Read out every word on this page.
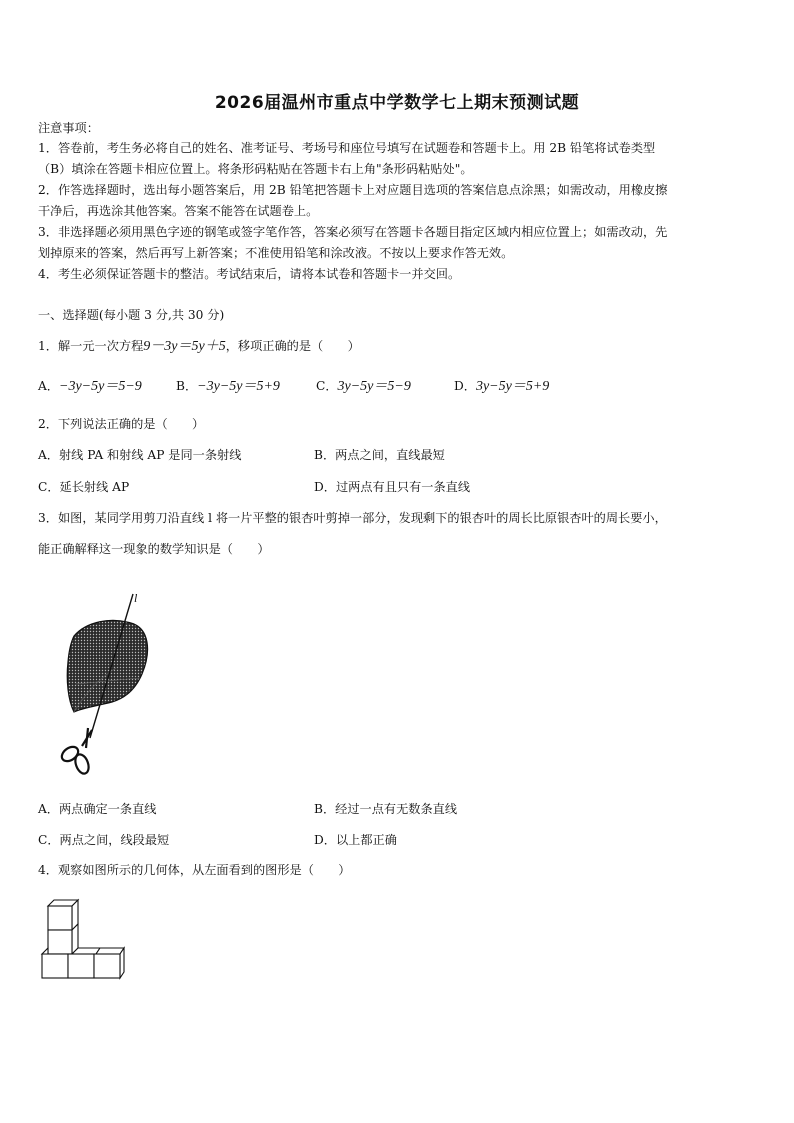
2026届温州市重点中学数学七上期末预测试题
注意事项：
1．答卷前，考生务必将自己的姓名、准考证号、考场号和座位号填写在试题卷和答题卡上。用 2B 铅笔将试卷类型
（B）填涂在答题卡相应位置上。将条形码粘贴在答题卡右上角"条形码粘贴处"。
2．作答选择题时，选出每小题答案后，用 2B 铅笔把答题卡上对应题目选项的答案信息点涂黑；如需改动，用橡皮擦
干净后，再选涂其他答案。答案不能答在试题卷上。
3．非选择题必须用黑色字迹的钢笔或签字笔作答，答案必须写在答题卡各题目指定区域内相应位置上；如需改动，先
划掉原来的答案，然后再写上新答案；不准使用铅笔和涂改液。不按以上要求作答无效。
4．考生必须保证答题卡的整洁。考试结束后，请将本试卷和答题卡一并交回。
一、选择题(每小题 3 分,共 30 分)
1．解一元一次方程9－3y＝5y＋5，移项正确的是（　　）
A．−3y−5y＝5−9	B．−3y−5y＝5+9	C．3y−5y＝5−9	D．3y−5y＝5+9
2．下列说法正确的是（　　）
A．射线 PA 和射线 AP 是同一条射线	B．两点之间，直线最短
C．延长射线 AP	D．过两点有且只有一条直线
3．如图，某同学用剪刀沿直线 l 将一片平整的银杏叶剪掉一部分，发现剩下的银杏叶的周长比原银杏叶的周长要小，
能正确解释这一现象的数学知识是（　　）
l
A．两点确定一条直线	B．经过一点有无数条直线
C．两点之间，线段最短	D．以上都正确
4．观察如图所示的几何体，从左面看到的图形是（　　）
